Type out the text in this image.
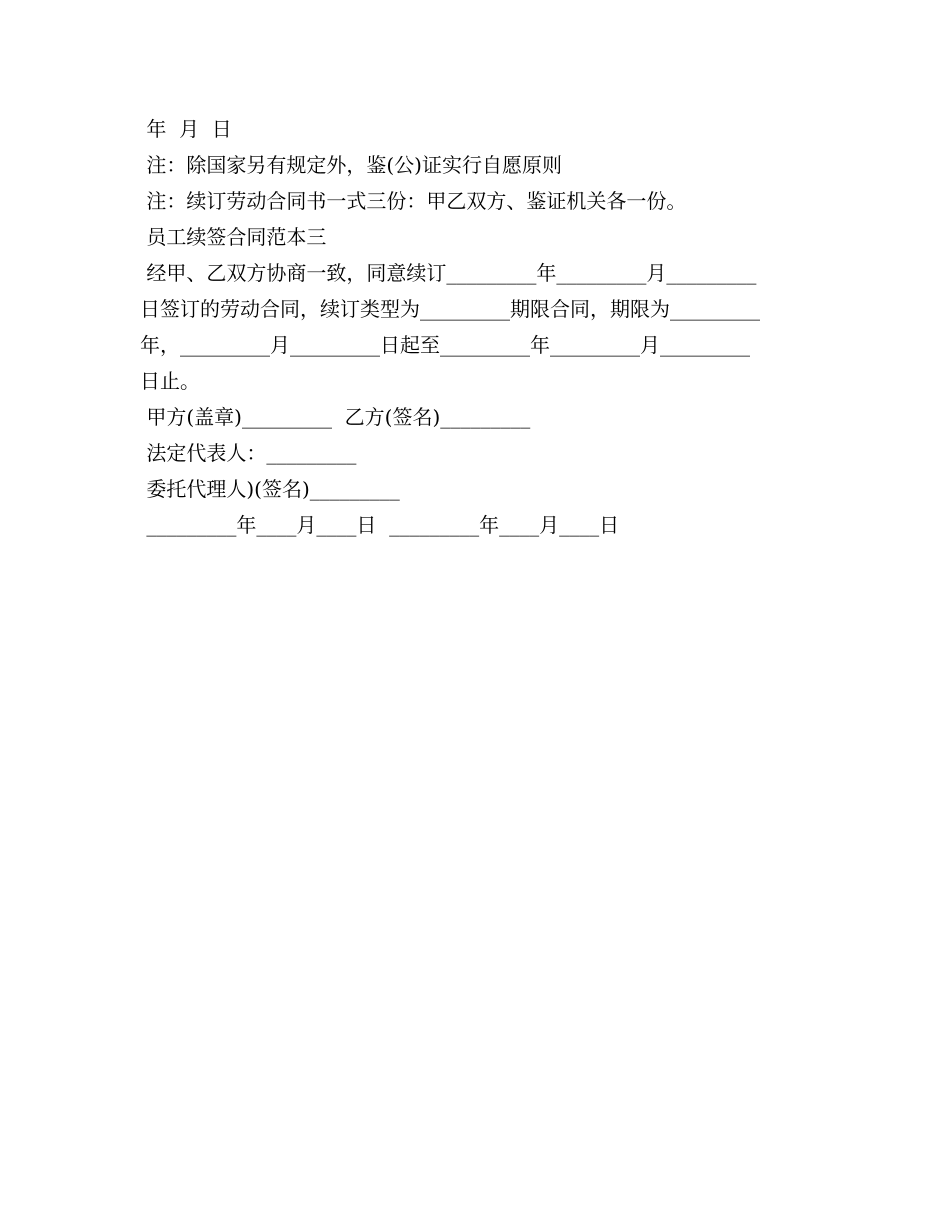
年  月  日
注：除国家另有规定外，鉴(公)证实行自愿原则
注：续订劳动合同书一式三份：甲乙双方、鉴证机关各一份。
员工续签合同范本三
经甲、乙双方协商一致，同意续订_________年_________月_________
日签订的劳动合同，续订类型为_________期限合同，期限为_________
年，_________月_________日起至_________年_________月_________
日止。
甲方(盖章)_________  乙方(签名)_________
法定代表人：_________
委托代理人)(签名)_________
_________年____月____日  _________年____月____日
